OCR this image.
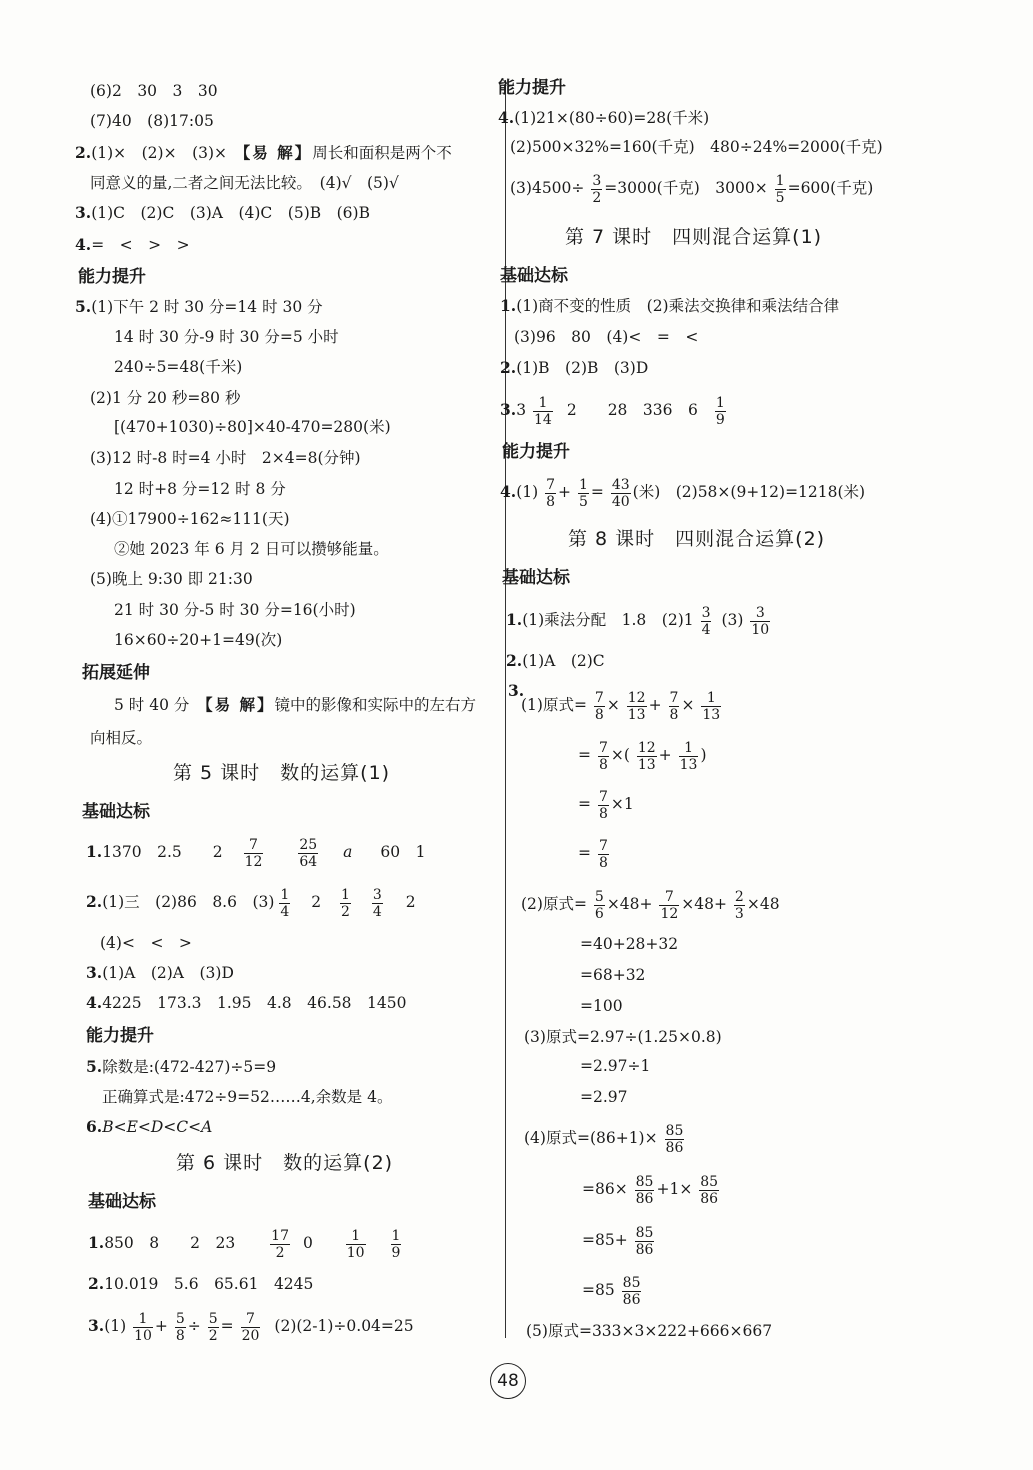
(6)2　30　3　30
(7)40　(8)17:05
2.(1)×　(2)×　(3)×　【易 解】周长和面积是两个不
同意义的量,二者之间无法比较。　(4)√　(5)√
3.(1)C　(2)C　(3)A　(4)C　(5)B　(6)B
4.=　<　>　>
能力提升
5.(1)下午 2 时 30 分=14 时 30 分
14 时 30 分-9 时 30 分=5 小时
240÷5=48(千米)
(2)1 分 20 秒=80 秒
[(470+1030)÷80]×40-470=280(米)
(3)12 时-8 时=4 小时　2×4=8(分钟)
12 时+8 分=12 时 8 分
(4)①17900÷162≈111(天)
②她 2023 年 6 月 2 日可以攒够能量。
(5)晚上 9:30 即 21:30
21 时 30 分-5 时 30 分=16(小时)
16×60÷20+1=49(次)
拓展延伸
5 时 40 分　【易 解】镜中的影像和实际中的左右方
向相反。
第 5 课时　数的运算(1)
基础达标
1.1370　2.5　　$2 \frac{7}{12}$
$\frac{25}{64}$ a 60　1
2.(1)三　(2)86　8.6　$(3) \frac{1}{4} 2 \frac{1}{2}$
$\frac{3}{4} 2$
(4)<　<　>
3.(1)A　(2)A　(3)D
4.4225　173.3　1.95　4.8　46.58　1450
能力提升
5.除数是:(472-427)÷5=9
正确算式是:472÷9=52……4,余数是 4。
6.B<E<D<C<A
第 6 课时　数的运算(2)
基础达标
1.850　8　　2　$23 \frac{17}{2} 0 \frac{1}{10}$
$\frac{1}{9}$
2.10.019　5.6　65.61　4245
$3.(1) \frac{1}{10} + \frac{5}{8} \div \frac{5}{2} = \frac{7}{20} (2)(2-1)\div 0.04=25$
能力提升
4.(1)21×(80÷60)=28(千米)
(2)500×32%=160(千克)　480÷24%=2000(千克)
$(3)4500\div \frac{3}{2} =3000$(千克)　$3000\times \frac{1}{5} =600$(千克)
第 7 课时　四则混合运算(1)
基础达标
1.(1)商不变的性质　(2)乘法交换律和乘法结合律
(3)96　80　(4)<　=　<
2.(1)B　(2)B　(3)D
$3.3 \frac{1}{14} 2$　　28　336　$6 \frac{1}{9}$
能力提升
$4.(1) \frac{7}{8} + \frac{1}{5} = \frac{43}{40}$ (米)　(2)58×(9+12)=1218(米)
第 8 课时　四则混合运算(2)
基础达标
1.(1)乘法分配　1.8　$(2)1 \frac{3}{4} (3) \frac{3}{10}$
2.(1)A　(2)C
3.
(1)原式= $\frac{7}{8} \times \frac{12}{13} + \frac{7}{8} \times \frac{1}{13}$
= $\frac{7}{8}$ ×( $\frac{12}{13} + \frac{1}{13}$ )
= $\frac{7}{8} \times 1$
= $\frac{7}{8}$
(2)原式= $\frac{5}{6} \times 48+ \frac{7}{12} \times 48+ \frac{2}{3} \times 48$
=40+28+32
=68+32
=100
(3)原式=2.97÷(1.25×0.8)
=2.97÷1
=2.97
(4)原式$=(86+1)\times \frac{85}{86}$
$=86\times \frac{85}{86} +1\times \frac{85}{86}$
$=85+ \frac{85}{86}$
$=85 \frac{85}{86}$
(5)原式=333×3×222+666×667
48
